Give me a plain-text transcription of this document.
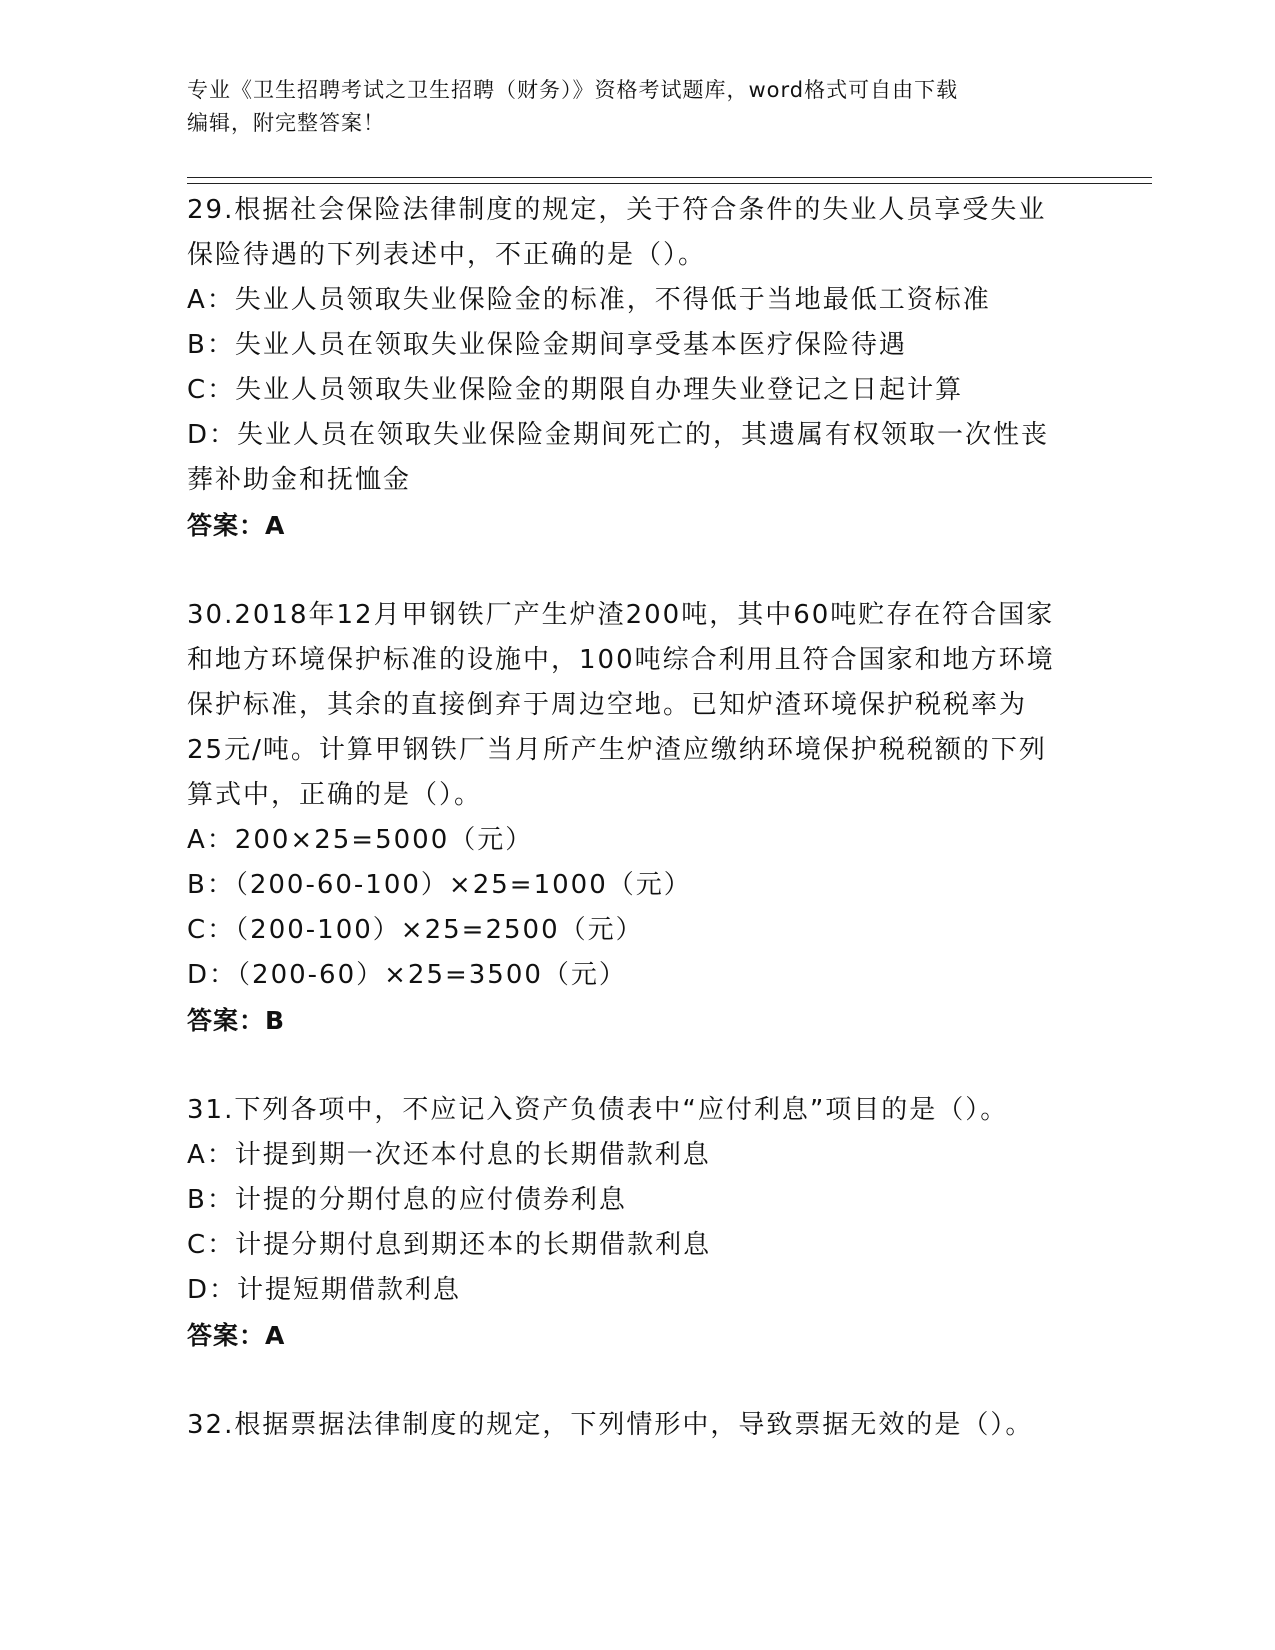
专业《卫生招聘考试之卫生招聘（财务）》资格考试题库，word格式可自由下载
编辑，附完整答案！
29.根据社会保险法律制度的规定，关于符合条件的失业人员享受失业
保险待遇的下列表述中，不正确的是（）。
A：失业人员领取失业保险金的标准，不得低于当地最低工资标准
B：失业人员在领取失业保险金期间享受基本医疗保险待遇
C：失业人员领取失业保险金的期限自办理失业登记之日起计算
D：失业人员在领取失业保险金期间死亡的，其遗属有权领取一次性丧
葬补助金和抚恤金
答案：A
30.2018年12月甲钢铁厂产生炉渣200吨，其中60吨贮存在符合国家
和地方环境保护标准的设施中，100吨综合利用且符合国家和地方环境
保护标准，其余的直接倒弃于周边空地。已知炉渣环境保护税税率为
25元/吨。计算甲钢铁厂当月所产生炉渣应缴纳环境保护税税额的下列
算式中，正确的是（）。
A：200×25=5000（元）
B：（200-60-100）×25=1000（元）
C：（200-100）×25=2500（元）
D：（200-60）×25=3500（元）
答案：B
31.下列各项中，不应记入资产负债表中“应付利息”项目的是（）。
A：计提到期一次还本付息的长期借款利息
B：计提的分期付息的应付债券利息
C：计提分期付息到期还本的长期借款利息
D：计提短期借款利息
答案：A
32.根据票据法律制度的规定，下列情形中，导致票据无效的是（）。
